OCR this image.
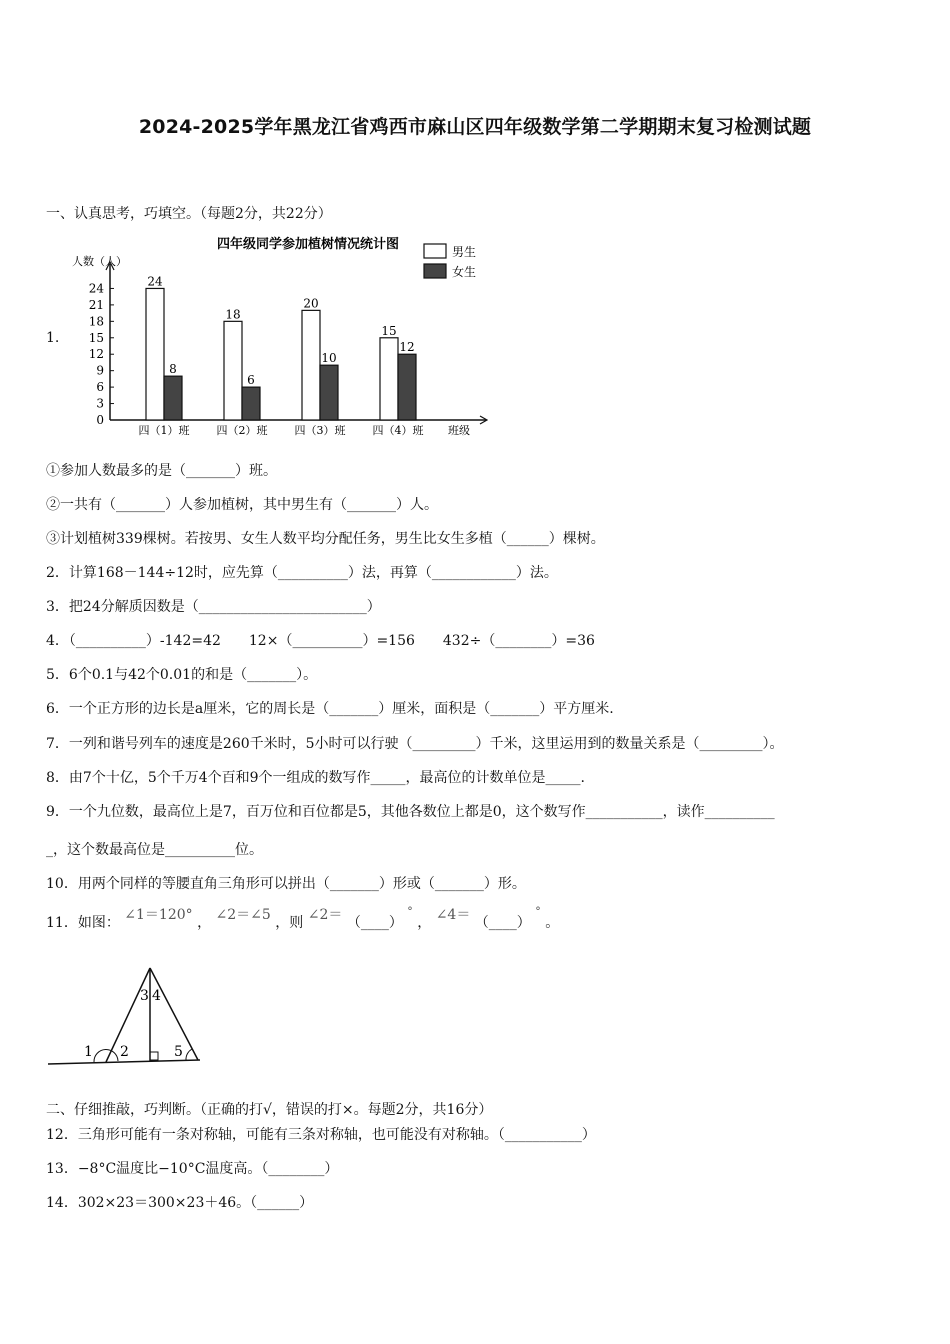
2024-2025学年黑龙江省鸡西市麻山区四年级数学第二学期期末复习检测试题
一、认真思考，巧填空。（每题2分，共22分）
1.
四年级同学参加植树情况统计图
人数（人）
0
3
6
9
12
15
18
21
24	24
8
18
6
20
10
15
12
四（1）班 四（2）班 四（3）班 四（4）班 班级
男生
女生
①参加人数最多的是（_______）班。
②一共有（_______）人参加植树，其中男生有（_______）人。
③计划植树339棵树。若按男、女生人数平均分配任务，男生比女生多植（______）棵树。
2．计算168－144÷12时，应先算（__________）法，再算（____________）法。
3．把24分解质因数是（________________________）
4．（__________）-142=42　　12×（__________）=156　　432÷（________）=36
5．6个0.1与42个0.01的和是（_______）。
6．一个正方形的边长是a厘米，它的周长是（_______）厘米，面积是（_______）平方厘米.
7．一列和谐号列车的速度是260千米时，5小时可以行驶（_________）千米，这里运用到的数量关系是（_________）。
8．由7个十亿，5个千万4个百和9个一组成的数写作_____，最高位的计数单位是_____.
9．一个九位数，最高位上是7，百万位和百位都是5，其他各数位上都是0，这个数写作___________，读作__________
_，这个数最高位是__________位。
10．用两个同样的等腰直角三角形可以拼出（_______）形或（_______）形。
11．如图： ∠1＝120° ， ∠2＝∠5 ，则 ∠2＝ （____） ° ， ∠4＝ （____） ° 。
1 2
3 4
5
二、仔细推敲，巧判断。（正确的打√，错误的打×。每题2分，共16分）
12．三角形可能有一条对称轴，可能有三条对称轴，也可能没有对称轴。（___________）
13．−8°C温度比−10°C温度高。（________）
14．302×23＝300×23＋46。（______）
